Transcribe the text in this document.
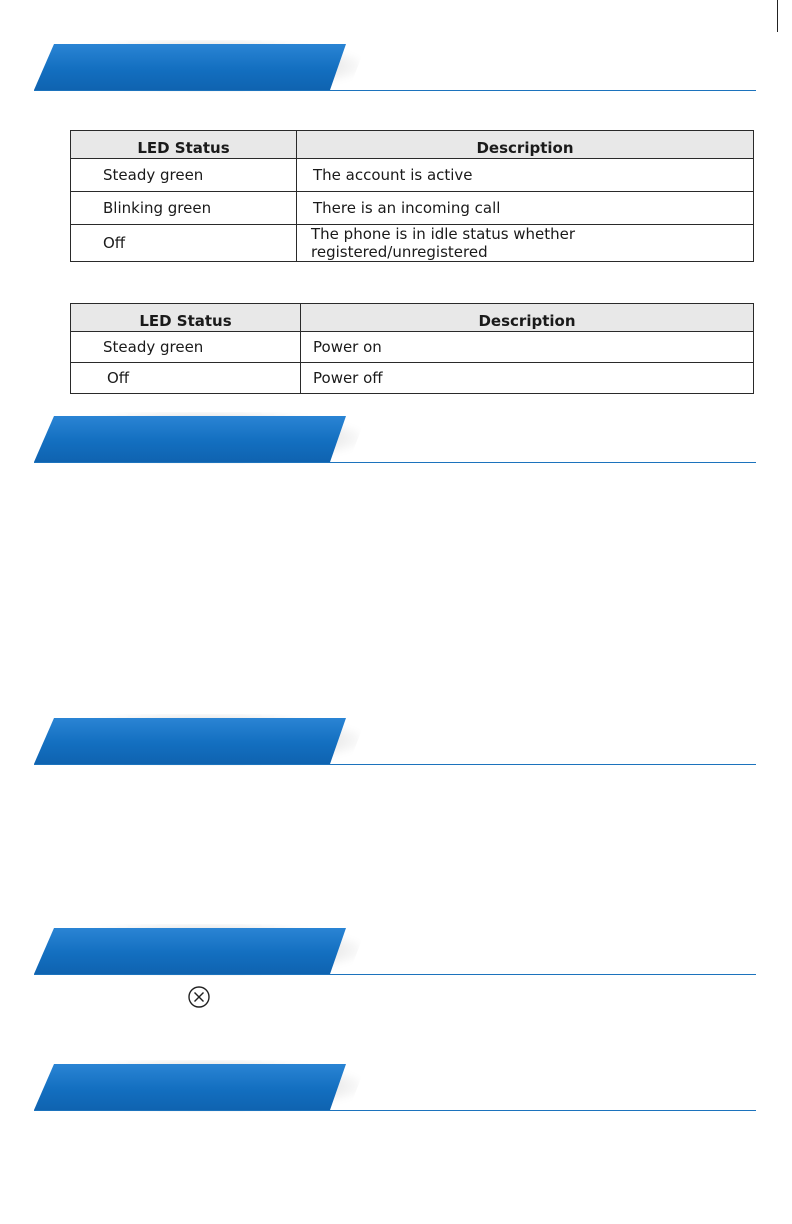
LED Status	Description
Steady green	The account is active
Blinking green	There is an incoming call
Off	The phone is in idle status whether registered/unregistered
LED Status	Description
Steady green	Power on
Off	Power off
